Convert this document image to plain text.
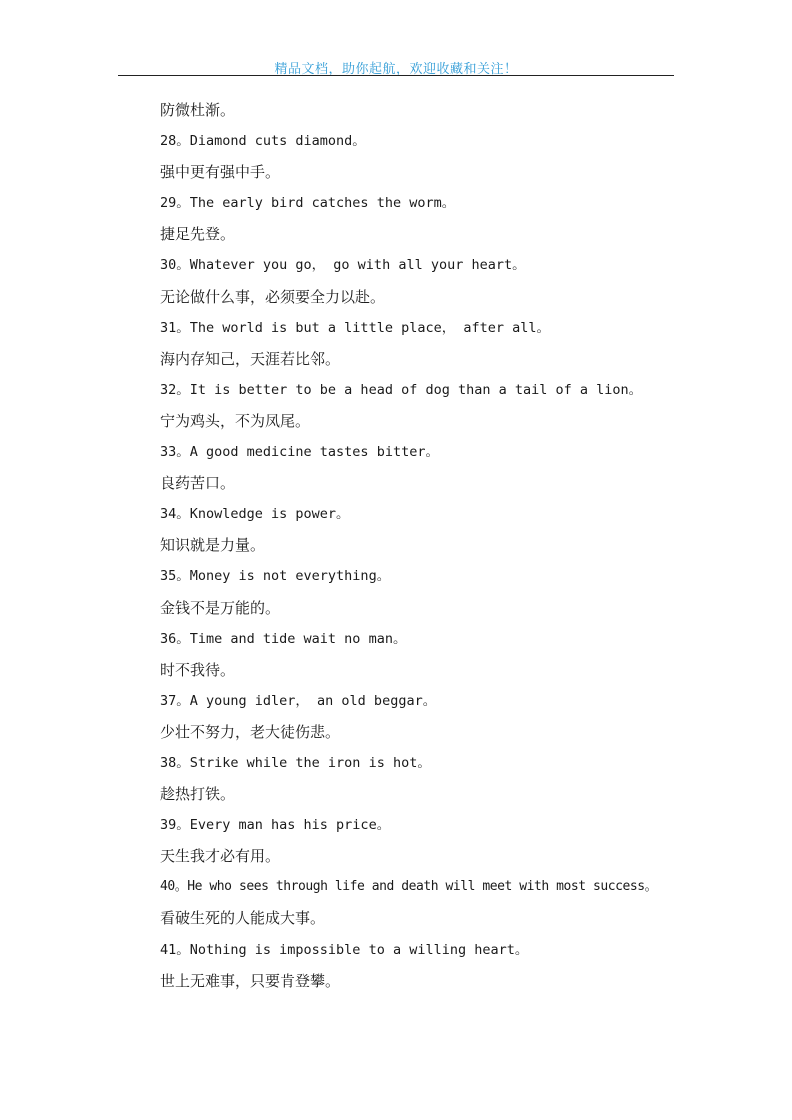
精品文档，助你起航，欢迎收藏和关注！
防微杜渐。
28。Diamond cuts diamond。
强中更有强中手。
29。The early bird catches the worm。
捷足先登。
30。Whatever you go， go with all your heart。
无论做什么事，必须要全力以赴。
31。The world is but a little place， after all。
海内存知己，天涯若比邻。
32。It is better to be a head of dog than a tail of a lion。
宁为鸡头，不为凤尾。
33。A good medicine tastes bitter。
良药苦口。
34。Knowledge is power。
知识就是力量。
35。Money is not everything。
金钱不是万能的。
36。Time and tide wait no man。
时不我待。
37。A young idler， an old beggar。
少壮不努力，老大徒伤悲。
38。Strike while the iron is hot。
趁热打铁。
39。Every man has his price。
天生我才必有用。
40。He who sees through life and death will meet with most success。
看破生死的人能成大事。
41。Nothing is impossible to a willing heart。
世上无难事，只要肯登攀。
